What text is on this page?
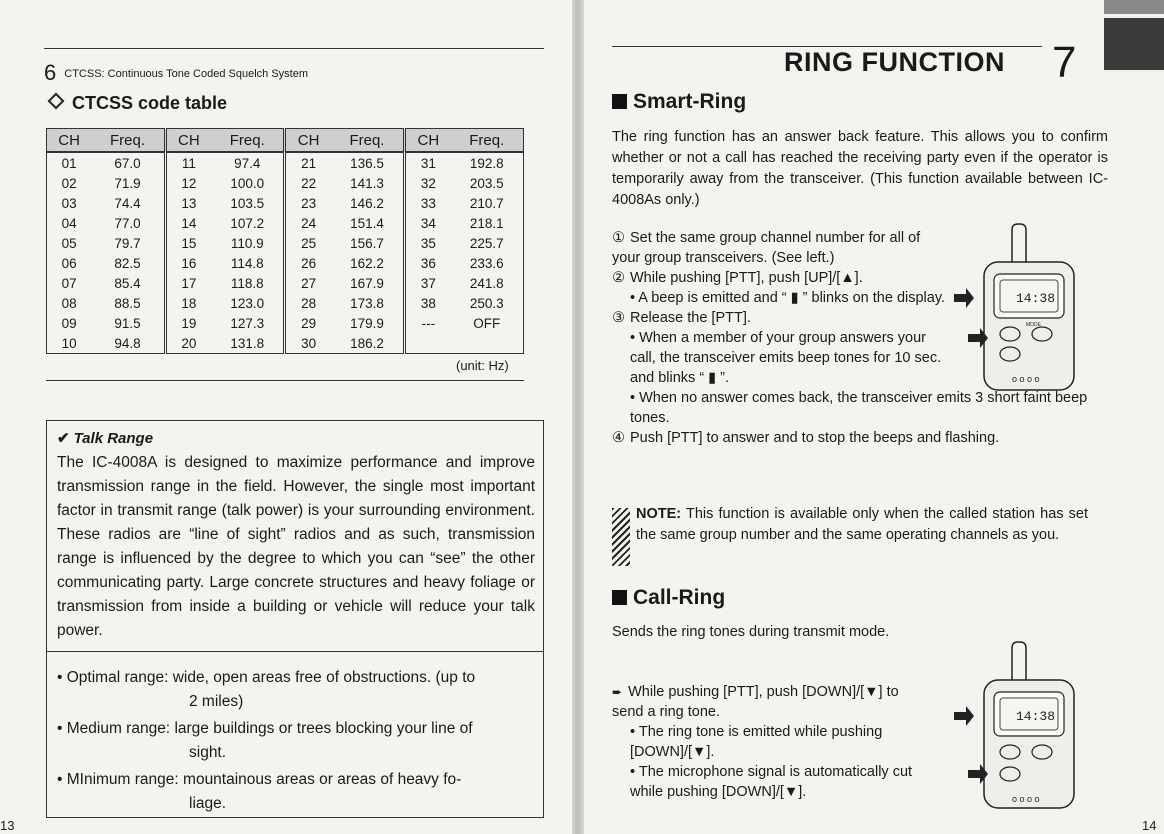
6 $^{CTCSS: Continuous Tone Coded Squelch System}$
CTCSS code table
CH	Freq.	CH	Freq.	CH	Freq.	CH	Freq.
01	67.0	11	97.4	21	136.5	31	192.8
02	71.9	12	100.0	22	141.3	32	203.5
03	74.4	13	103.5	23	146.2	33	210.7
04	77.0	14	107.2	24	151.4	34	218.1
05	79.7	15	110.9	25	156.7	35	225.7
06	82.5	16	114.8	26	162.2	36	233.6
07	85.4	17	118.8	27	167.9	37	241.8
08	88.5	18	123.0	28	173.8	38	250.3
09	91.5	19	127.3	29	179.9	---	OFF
10	94.8	20	131.8	30	186.2		
(unit: Hz)
✔ Talk Range
The IC-4008A is designed to maximize performance and improve transmission range in the field. However, the single most important factor in transmit range (talk power) is your surrounding environment. These radios are “line of sight” radios and as such, transmission range is influenced by the degree to which you can “see” the other communicating party. Large concrete structures and heavy foliage or transmission from inside a building or vehicle will reduce your talk power.
• Optimal range: wide, open areas free of obstructions. (up to
2 miles)
• Medium range: large buildings or trees blocking your line of
sight.
• MInimum range: mountainous areas or areas of heavy fo-
liage.
13
RING FUNCTION 7
Smart-Ring
The ring function has an answer back feature. This allows you to confirm whether or not a call has reached the receiving party even if the operator is temporarily away from the transceiver. (This function available between IC-4008As only.)
① Set the same group channel number for all of your group transceivers. (See left.)
② While pushing [PTT], push [UP]/[▲].
• A beep is emitted and “ ▮ ” blinks on the display.
③ Release the [PTT].
• When a member of your group answers your call, the transceiver emits beep tones for 10 sec. and blinks “ ▮ ”.
• When no answer comes back, the transceiver emits 3 short faint beep tones.
④ Push [PTT] to answer and to stop the beeps and flashing.
NOTE: This function is available only when the called station has set the same group number and the same operating channels as you.
Call-Ring
Sends the ring tones during transmit mode.
➨ While pushing [PTT], push [DOWN]/[▼] to send a ring tone.
• The ring tone is emitted while pushing [DOWN]/[▼].
• The microphone signal is automatically cut while pushing [DOWN]/[▼].
14:38
MODE
o o o o
14:38
o o o o
14
